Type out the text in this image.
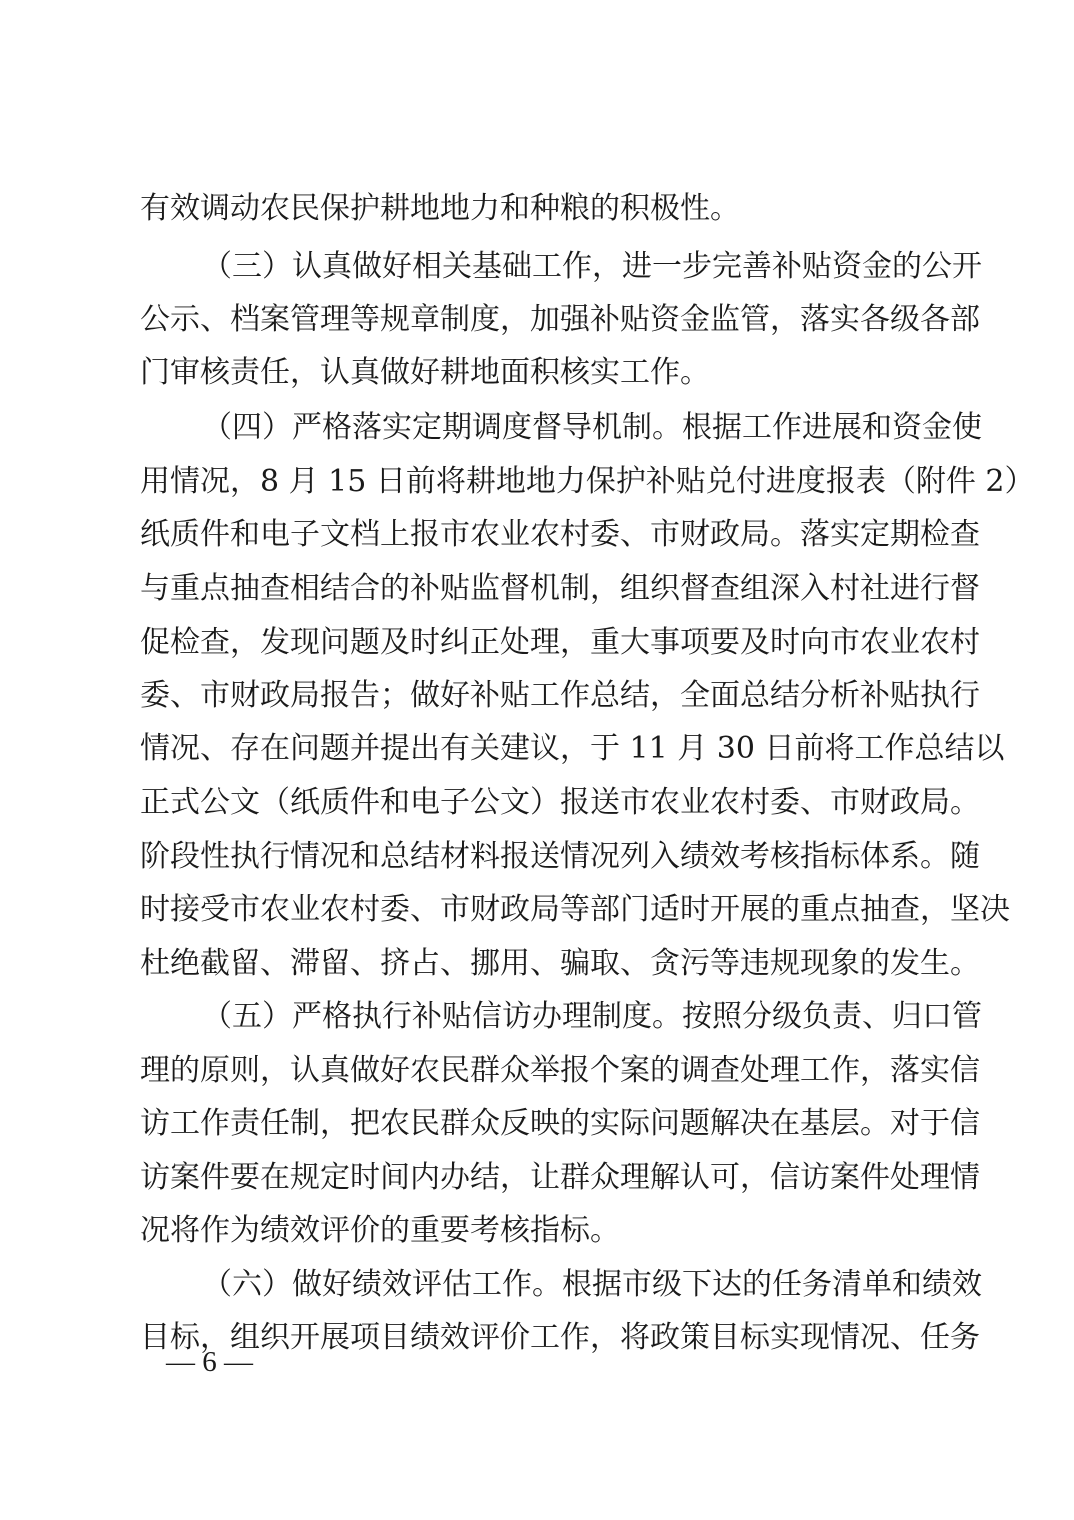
有效调动农民保护耕地地力和种粮的积极性。
（三）认真做好相关基础工作，进一步完善补贴资金的公开
公示、档案管理等规章制度，加强补贴资金监管，落实各级各部
门审核责任，认真做好耕地面积核实工作。
（四）严格落实定期调度督导机制。根据工作进展和资金使
用情况，8 月 15 日前将耕地地力保护补贴兑付进度报表（附件 2）
纸质件和电子文档上报市农业农村委、市财政局。落实定期检查
与重点抽查相结合的补贴监督机制，组织督查组深入村社进行督
促检查，发现问题及时纠正处理，重大事项要及时向市农业农村
委、市财政局报告；做好补贴工作总结，全面总结分析补贴执行
情况、存在问题并提出有关建议，于 11 月 30 日前将工作总结以
正式公文（纸质件和电子公文）报送市农业农村委、市财政局。
阶段性执行情况和总结材料报送情况列入绩效考核指标体系。随
时接受市农业农村委、市财政局等部门适时开展的重点抽查，坚决
杜绝截留、滞留、挤占、挪用、骗取、贪污等违规现象的发生。
（五）严格执行补贴信访办理制度。按照分级负责、归口管
理的原则，认真做好农民群众举报个案的调查处理工作，落实信
访工作责任制，把农民群众反映的实际问题解决在基层。对于信
访案件要在规定时间内办结，让群众理解认可，信访案件处理情
况将作为绩效评价的重要考核指标。
（六）做好绩效评估工作。根据市级下达的任务清单和绩效
目标，组织开展项目绩效评价工作，将政策目标实现情况、任务
— 6 —
